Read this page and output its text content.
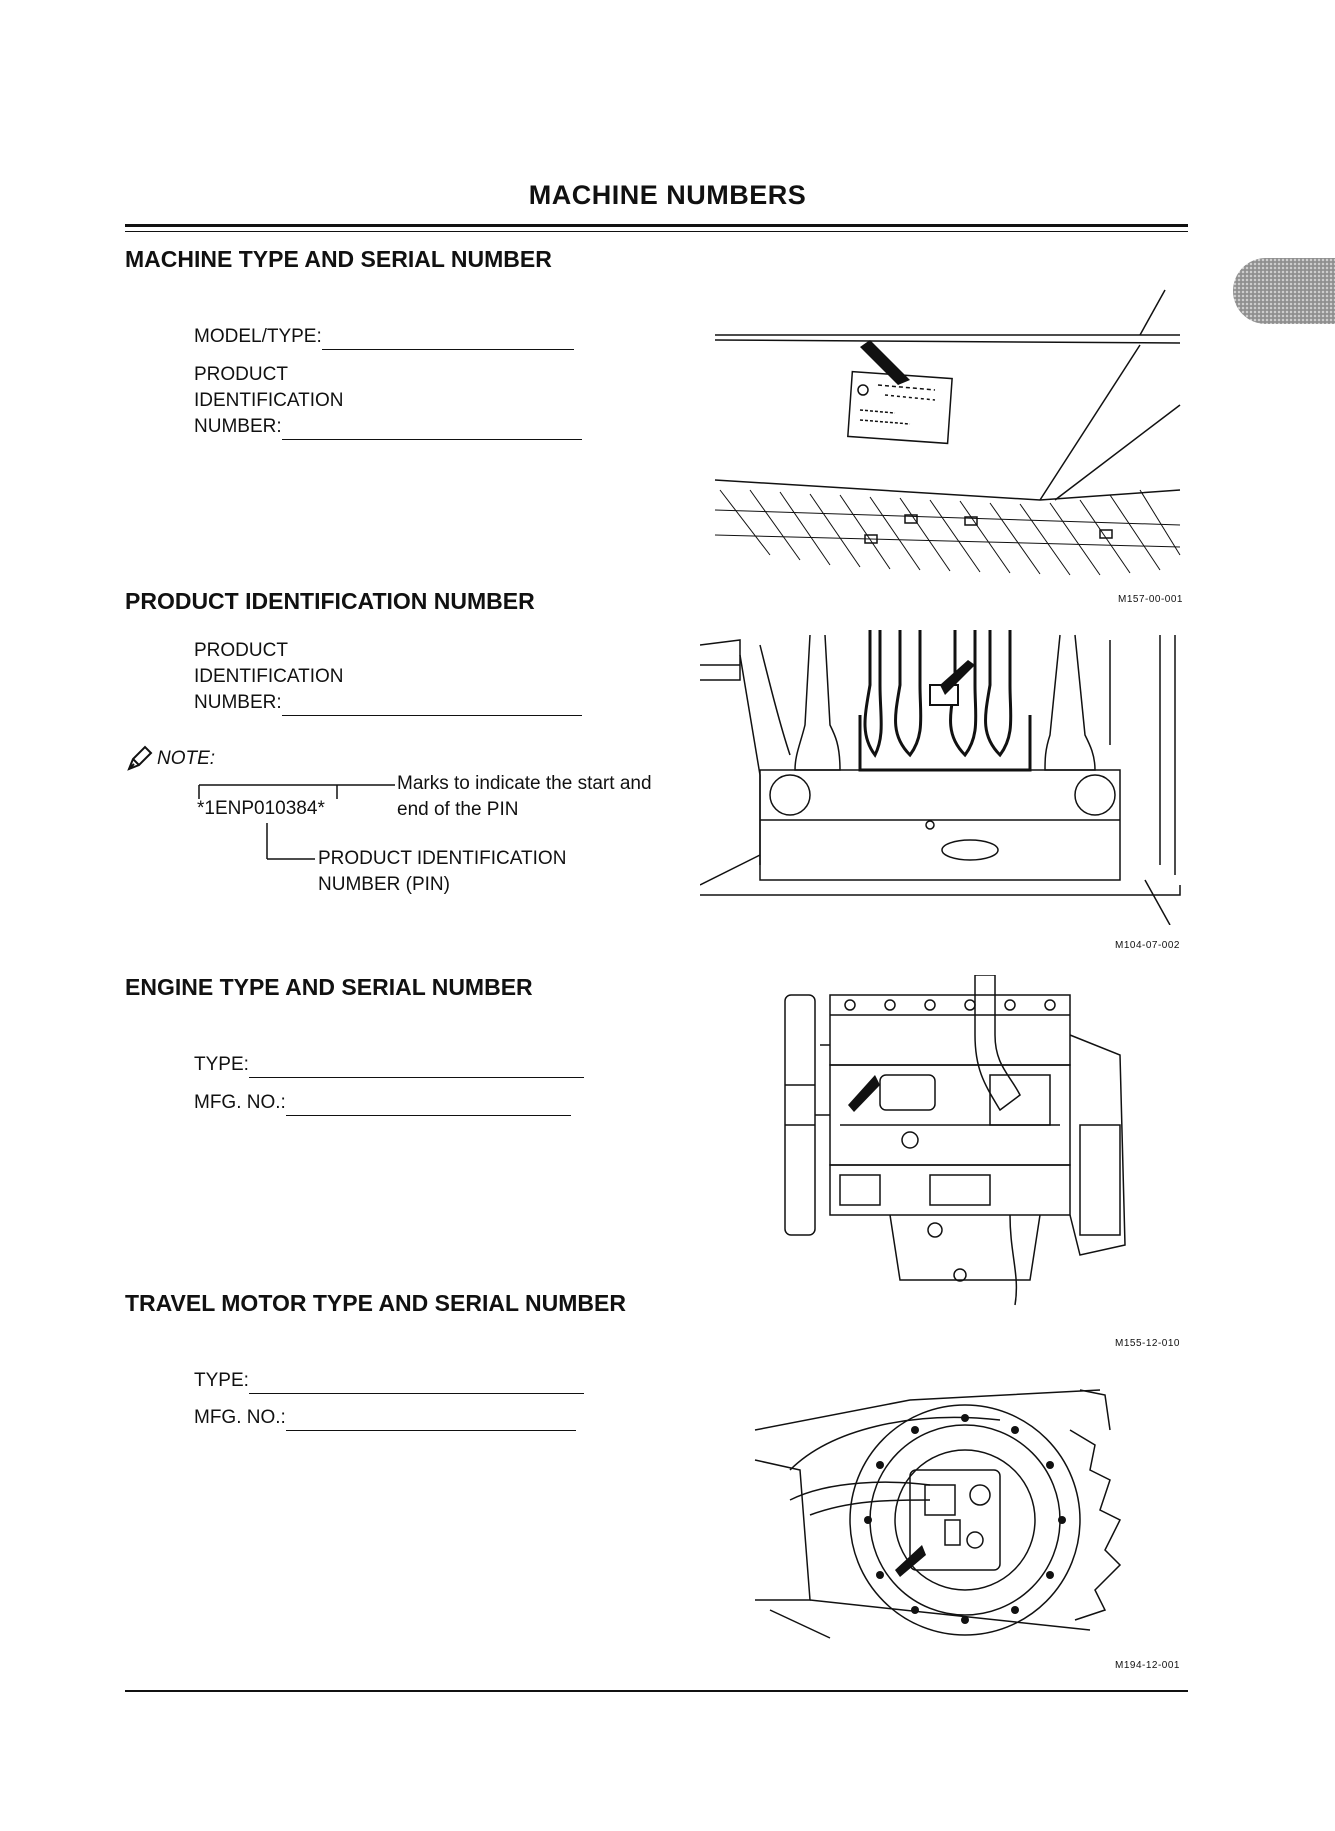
MACHINE NUMBERS
MACHINE TYPE AND SERIAL NUMBER
MODEL/TYPE:
PRODUCT
IDENTIFICATION
NUMBER:
M157-00-001
PRODUCT IDENTIFICATION NUMBER
PRODUCT
IDENTIFICATION
NUMBER:
NOTE:
*1ENP010384*
Marks to indicate the start and
end of the PIN
PRODUCT IDENTIFICATION
NUMBER (PIN)
M104-07-002
ENGINE TYPE AND SERIAL NUMBER
TYPE:
MFG. NO.:
M155-12-010
TRAVEL MOTOR TYPE AND SERIAL NUMBER
TYPE:
MFG. NO.:
M194-12-001
